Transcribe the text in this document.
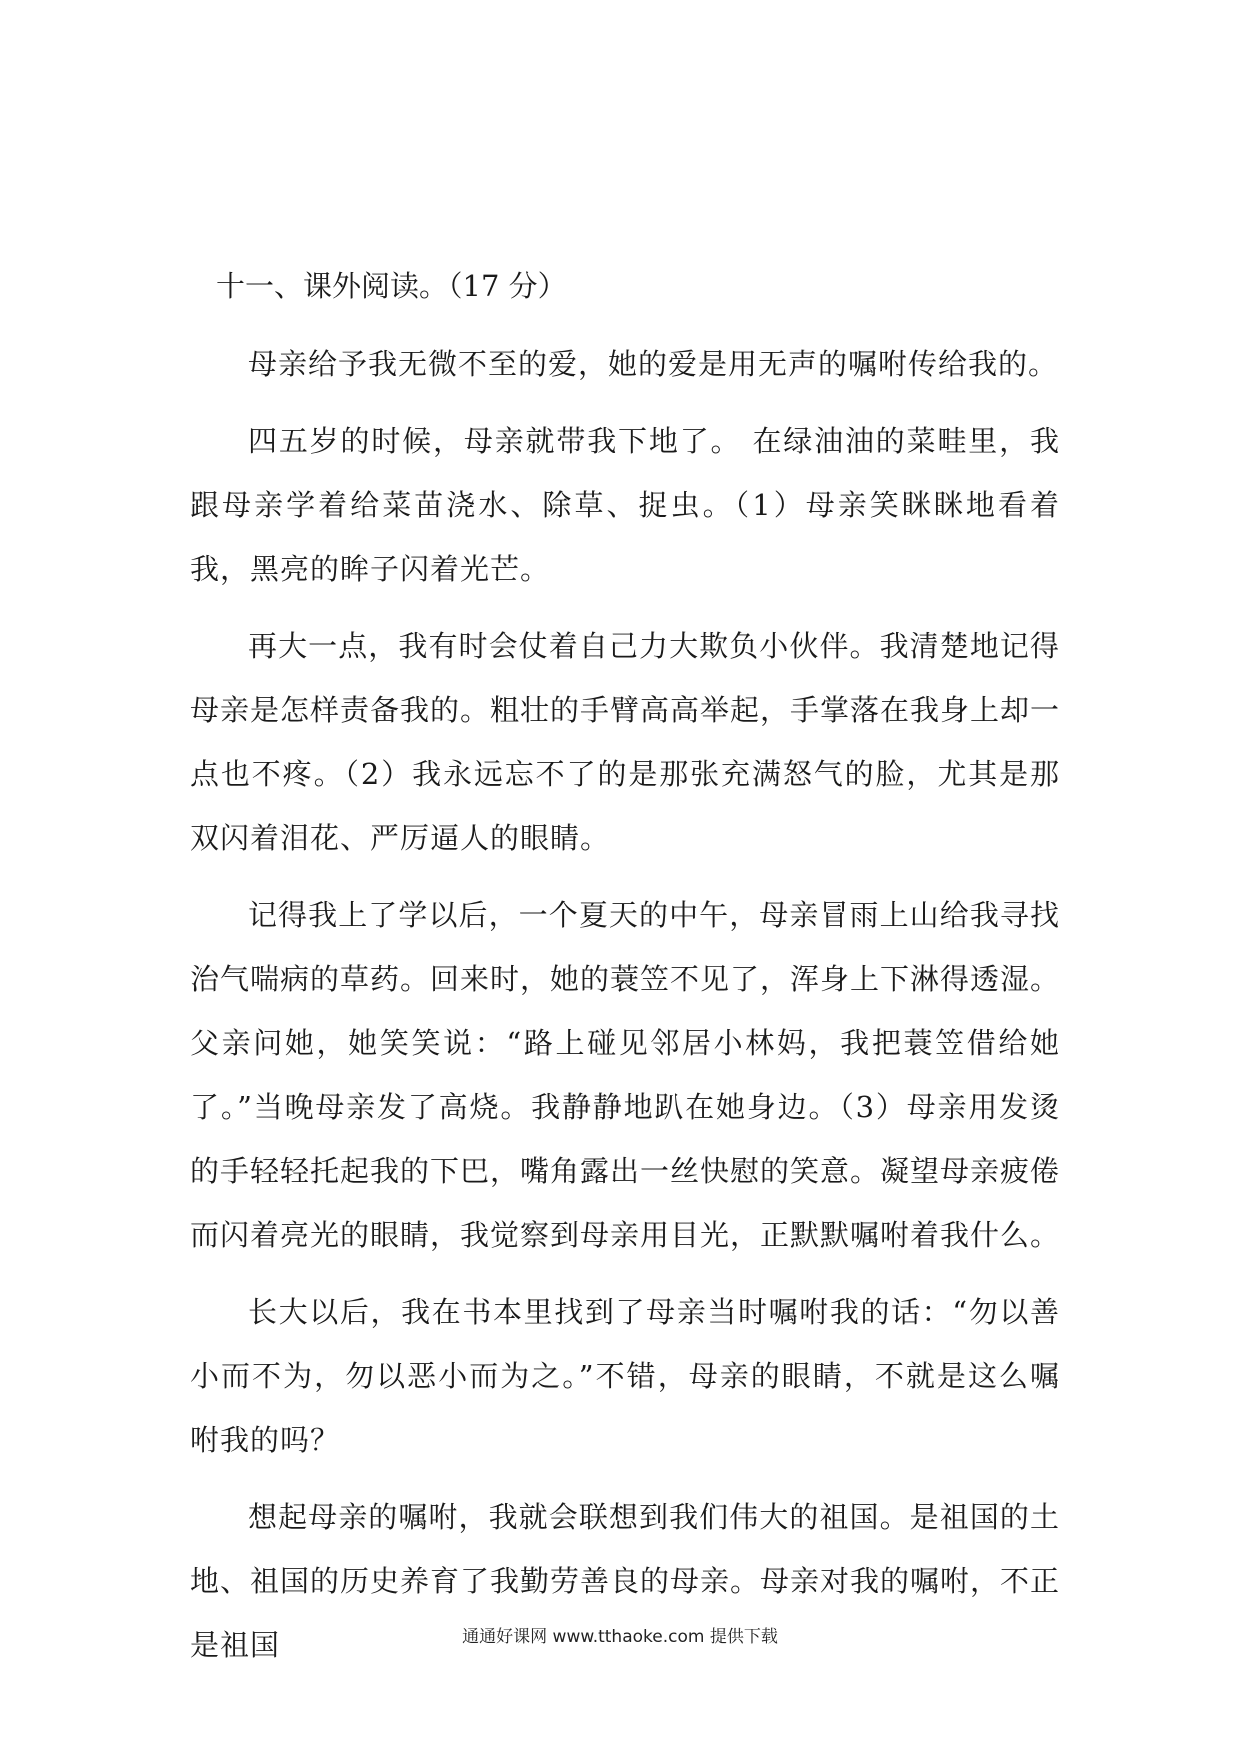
十一、课外阅读。（17 分）

母亲给予我无微不至的爱，她的爱是用无声的嘱咐传给我的。

四五岁的时候，母亲就带我下地了。 在绿油油的菜畦里，我跟母亲学着给菜苗浇水、除草、捉虫。（1）母亲笑眯眯地看着我，黑亮的眸子闪着光芒。

再大一点，我有时会仗着自己力大欺负小伙伴。我清楚地记得母亲是怎样责备我的。粗壮的手臂高高举起，手掌落在我身上却一点也不疼。（2）我永远忘不了的是那张充满怒气的脸，尤其是那双闪着泪花、严厉逼人的眼睛。

记得我上了学以后，一个夏天的中午，母亲冒雨上山给我寻找治气喘病的草药。回来时，她的蓑笠不见了，浑身上下淋得透湿。父亲问她，她笑笑说：“路上碰见邻居小林妈，我把蓑笠借给她了。”当晚母亲发了高烧。我静静地趴在她身边。（3）母亲用发烫的手轻轻托起我的下巴，嘴角露出一丝快慰的笑意。凝望母亲疲倦而闪着亮光的眼睛，我觉察到母亲用目光，正默默嘱咐着我什么。

长大以后，我在书本里找到了母亲当时嘱咐我的话：“勿以善小而不为，勿以恶小而为之。”不错，母亲的眼睛，不就是这么嘱咐我的吗？

想起母亲的嘱咐，我就会联想到我们伟大的祖国。是祖国的土地、祖国的历史养育了我勤劳善良的母亲。母亲对我的嘱咐，不正是祖国	通通好课网 www.tthaoke.com 提供下载
